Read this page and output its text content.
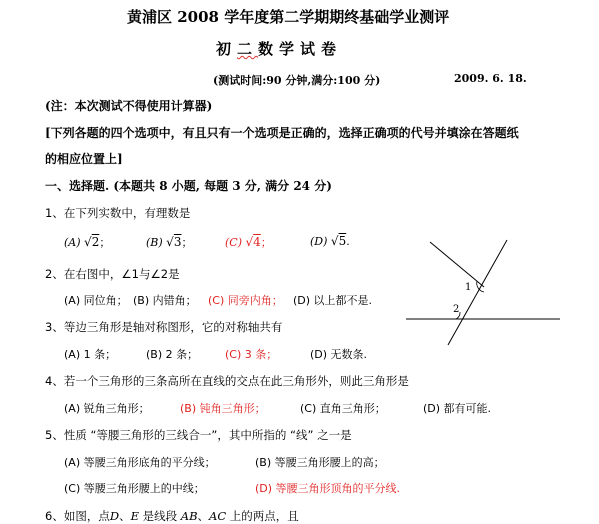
黄浦区 2008 学年度第二学期期终基础学业测评
初二数学试卷
(测试时间:90 分钟,满分:100 分)	2009. 6. 18.
(注：本次测试不得使用计算器)
[下列各题的四个选项中，有且只有一个选项是正确的，选择正确项的代号并填涂在答题纸
的相应位置上]
一、选择题. (本题共 8 小题, 每题 3 分, 满分 24 分)
1、在下列实数中，有理数是
(A) √2；	(B) √3；	(C) √4；	(D) √5.
2、在右图中，∠1与∠2是
(A) 同位角； (B) 内错角； (C) 同旁内角； (D) 以上都不是.
3、等边三角形是轴对称图形，它的对称轴共有
(A) 1 条；	(B) 2 条； (C) 3 条；	(D) 无数条.
4、若一个三角形的三条高所在直线的交点在此三角形外，则此三角形是
(A) 锐角三角形；	(B) 钝角三角形；	(C) 直角三角形；	(D) 都有可能.
5、性质 “等腰三角形的三线合一”，其中所指的 “线” 之一是
(A) 等腰三角形底角的平分线；	(B) 等腰三角形腰上的高；
(C) 等腰三角形腰上的中线；	(D) 等腰三角形顶角的平分线.
6、如图，点D、E 是线段 AB、AC 上的两点，且
1
2
